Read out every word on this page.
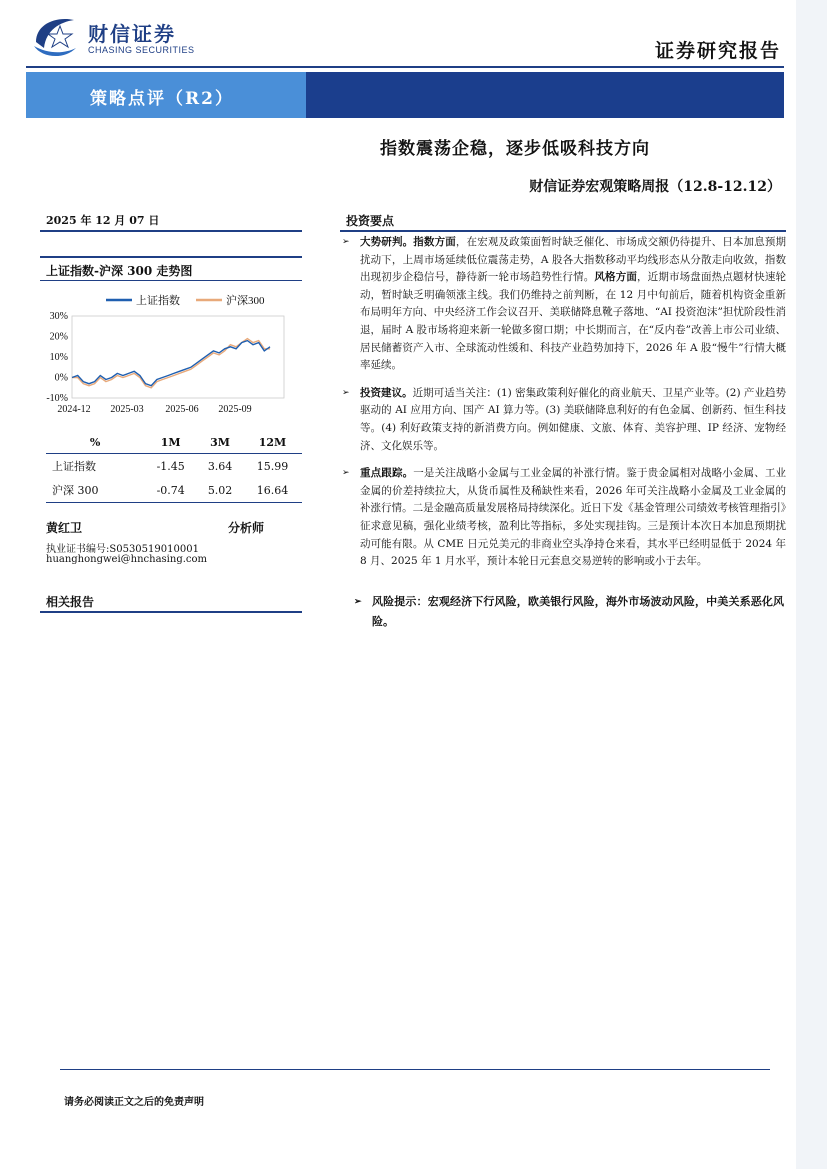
财信证券
CHASING SECURITIES	证券研究报告
策略点评（R2）
指数震荡企稳，逐步低吸科技方向
财信证券宏观策略周报（12.8-12.12）
2025 年 12 月 07 日
上证指数-沪深 300 走势图
上证指数	沪深300
30%
20%
10%
0%
-10%
2024-12 2025-03 2025-06 2025-09
%	1M	3M	12M
上证指数	-1.45	3.64	15.99
沪深 300	-0.74	5.02	16.64
黄红卫	分析师
执业证书编号:S0530519010001
huanghongwei@hnchasing.com
相关报告
投资要点
➢ 大势研判。指数方面，在宏观及政策面暂时缺乏催化、市场成交额仍待提升、日本加息预期扰动下，上周市场延续低位震荡走势，A 股各大指数移动平均线形态从分散走向收敛，指数出现初步企稳信号，静待新一轮市场趋势性行情。风格方面，近期市场盘面热点题材快速轮动，暂时缺乏明确领涨主线。我们仍维持之前判断，在 12 月中旬前后，随着机构资金重新布局明年方向、中央经济工作会议召开、美联储降息靴子落地、“AI 投资泡沫”担忧阶段性消退，届时 A 股市场将迎来新一轮做多窗口期；中长期而言，在“反内卷”改善上市公司业绩、居民储蓄资产入市、全球流动性缓和、科技产业趋势加持下，2026 年 A 股“慢牛”行情大概率延续。
➢ 投资建议。近期可适当关注：(1) 密集政策利好催化的商业航天、卫星产业等。(2) 产业趋势驱动的 AI 应用方向、国产 AI 算力等。(3) 美联储降息利好的有色金属、创新药、恒生科技等。(4) 利好政策支持的新消费方向。例如健康、文旅、体育、美容护理、IP 经济、宠物经济、文化娱乐等。
➢ 重点跟踪。一是关注战略小金属与工业金属的补涨行情。鉴于贵金属相对战略小金属、工业金属的价差持续拉大，从货币属性及稀缺性来看，2026 年可关注战略小金属及工业金属的补涨行情。二是金融高质量发展格局持续深化。近日下发《基金管理公司绩效考核管理指引》征求意见稿，强化业绩考核，盈利比等指标，多处实现挂钩。三是预计本次日本加息预期扰动可能有限。从 CME 日元兑美元的非商业空头净持仓来看，其水平已经明显低于 2024 年 8 月、2025 年 1 月水平，预计本轮日元套息交易逆转的影响或小于去年。
➢ 风险提示：宏观经济下行风险，欧美银行风险，海外市场波动风险，中美关系恶化风险。
请务必阅读正文之后的免责声明
